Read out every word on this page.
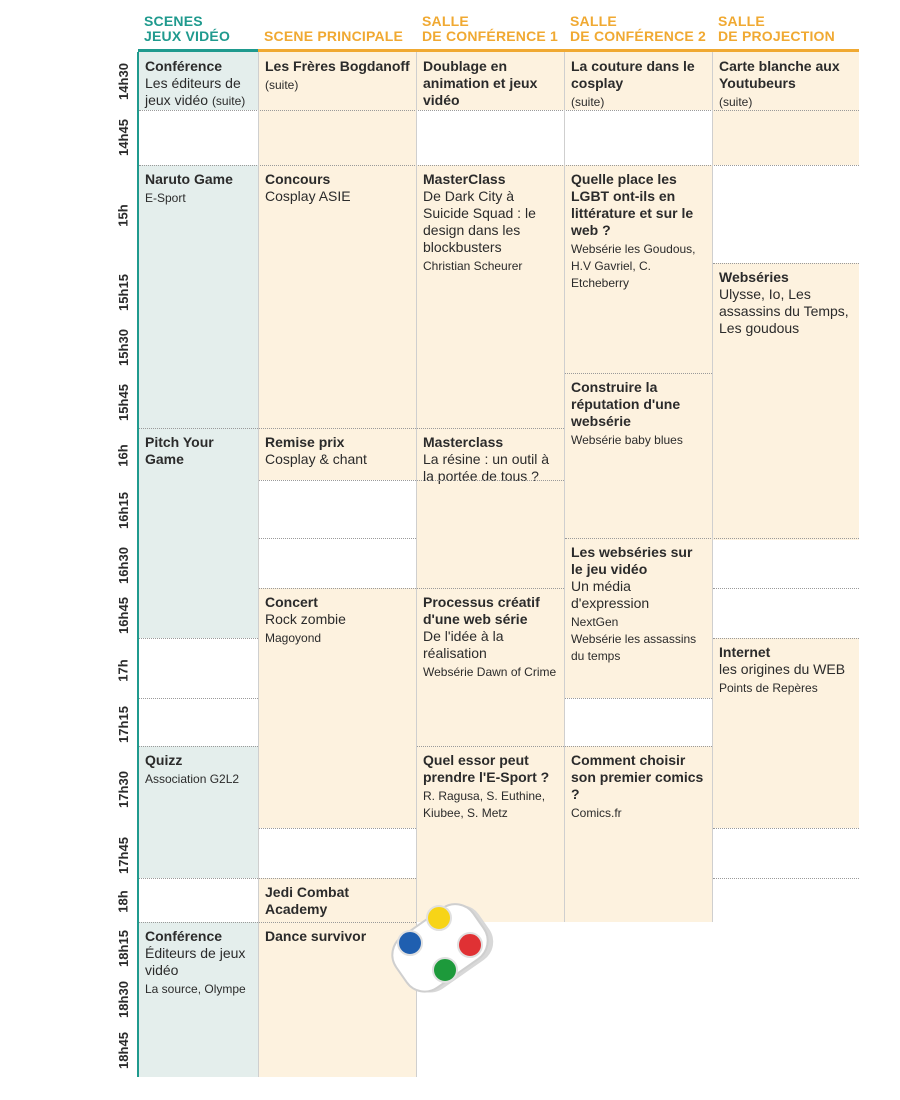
SCENES
JEUX VIDÉO	SCENE PRINCIPALE
SALLE
DE CONFÉRENCE 1
SALLE
DE CONFÉRENCE 2
SALLE
DE PROJECTION
14h30
14h45
15h
15h15
15h30
15h45
16h
16h15
16h30
16h45
17h
17h15
17h30
17h45
18h
18h15
18h30
18h45
Conférence
Les éditeurs de jeux vidéo (suite)
Naruto Game
E-Sport
Pitch Your Game
Quizz
Association G2L2
Conférence
Éditeurs de jeux vidéo
La source, Olympe
Les Frères Bogdanoff
(suite)
Concours
Cosplay ASIE
Remise prix
Cosplay & chant
Concert
Rock zombie
Magoyond
Jedi Combat Academy
Dance survivor
Doublage en animation et jeux vidéo
MasterClass
De Dark City à Suicide Squad : le design dans les blockbusters
Christian Scheurer
Masterclass
La résine : un outil à la portée de tous ?
Processus créatif d'une web série
De l'idée à la réalisation
Websérie Dawn of Crime
Quel essor peut prendre l'E-Sport ?
R. Ragusa, S. Euthine, Kiubee, S. Metz
La couture dans le cosplay
(suite)
Quelle place les LGBT ont-ils en littérature et sur le web ?
Websérie les Goudous, H.V Gavriel, C. Etcheberry
Construire la réputation d'une websérie
Websérie baby blues
Les webséries sur le jeu vidéo
Un média d'expression
NextGen
Websérie les assassins du temps
Comment choisir son premier comics ?
Comics.fr
Carte blanche aux Youtubeurs
(suite)
Webséries
Ulysse, Io, Les assassins du Temps, Les goudous
Internet
les origines du WEB
Points de Repères
